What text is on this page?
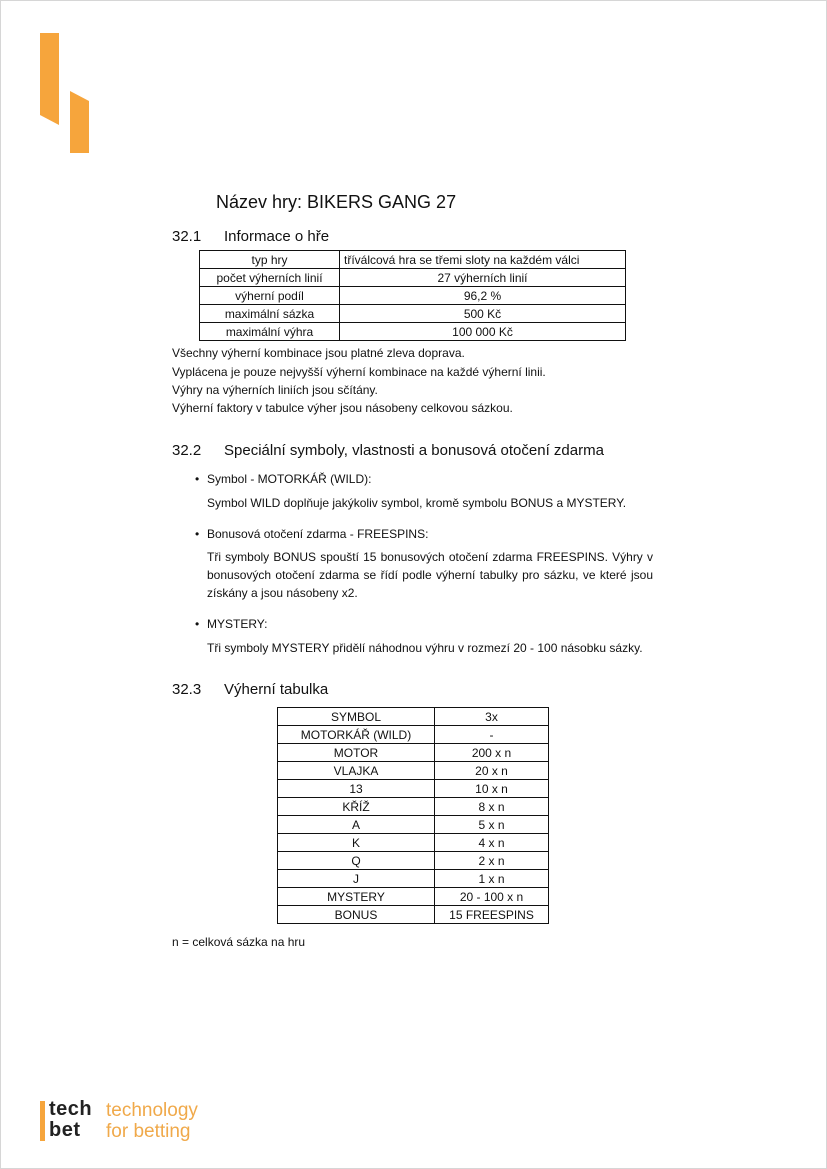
Název hry: BIKERS GANG 27
32.1 Informace o hře
typ hry	tříválcová hra se třemi sloty na každém válci
počet výherních linií	27 výherních linií
výherní podíl	96,2 %
maximální sázka	500 Kč
maximální výhra	100 000 Kč
Všechny výherní kombinace jsou platné zleva doprava.
Vyplácena je pouze nejvyšší výherní kombinace na každé výherní linii.
Výhry na výherních liniích jsou sčítány.
Výherní faktory v tabulce výher jsou násobeny celkovou sázkou.
32.2 Speciální symboly, vlastnosti a bonusová otočení zdarma
• Symbol - MOTORKÁŘ (WILD):
Symbol WILD doplňuje jakýkoliv symbol, kromě symbolu BONUS a MYSTERY.
• Bonusová otočení zdarma - FREESPINS:
Tři symboly BONUS spouští 15 bonusových otočení zdarma FREESPINS. Výhry v bonusových otočení zdarma se řídí podle výherní tabulky pro sázku, ve které jsou získány a jsou násobeny x2.
• MYSTERY:
Tři symboly MYSTERY přidělí náhodnou výhru v rozmezí 20 - 100 násobku sázky.
32.3 Výherní tabulka
SYMBOL	3x
MOTORKÁŘ (WILD)	-
MOTOR	200 x n
VLAJKA	20 x n
13	10 x n
KŘÍŽ	8 x n
A	5 x n
K	4 x n
Q	2 x n
J	1 x n
MYSTERY	20 - 100 x n
BONUS	15 FREESPINS
n = celková sázka na hru
tech
bet
technology
for betting
